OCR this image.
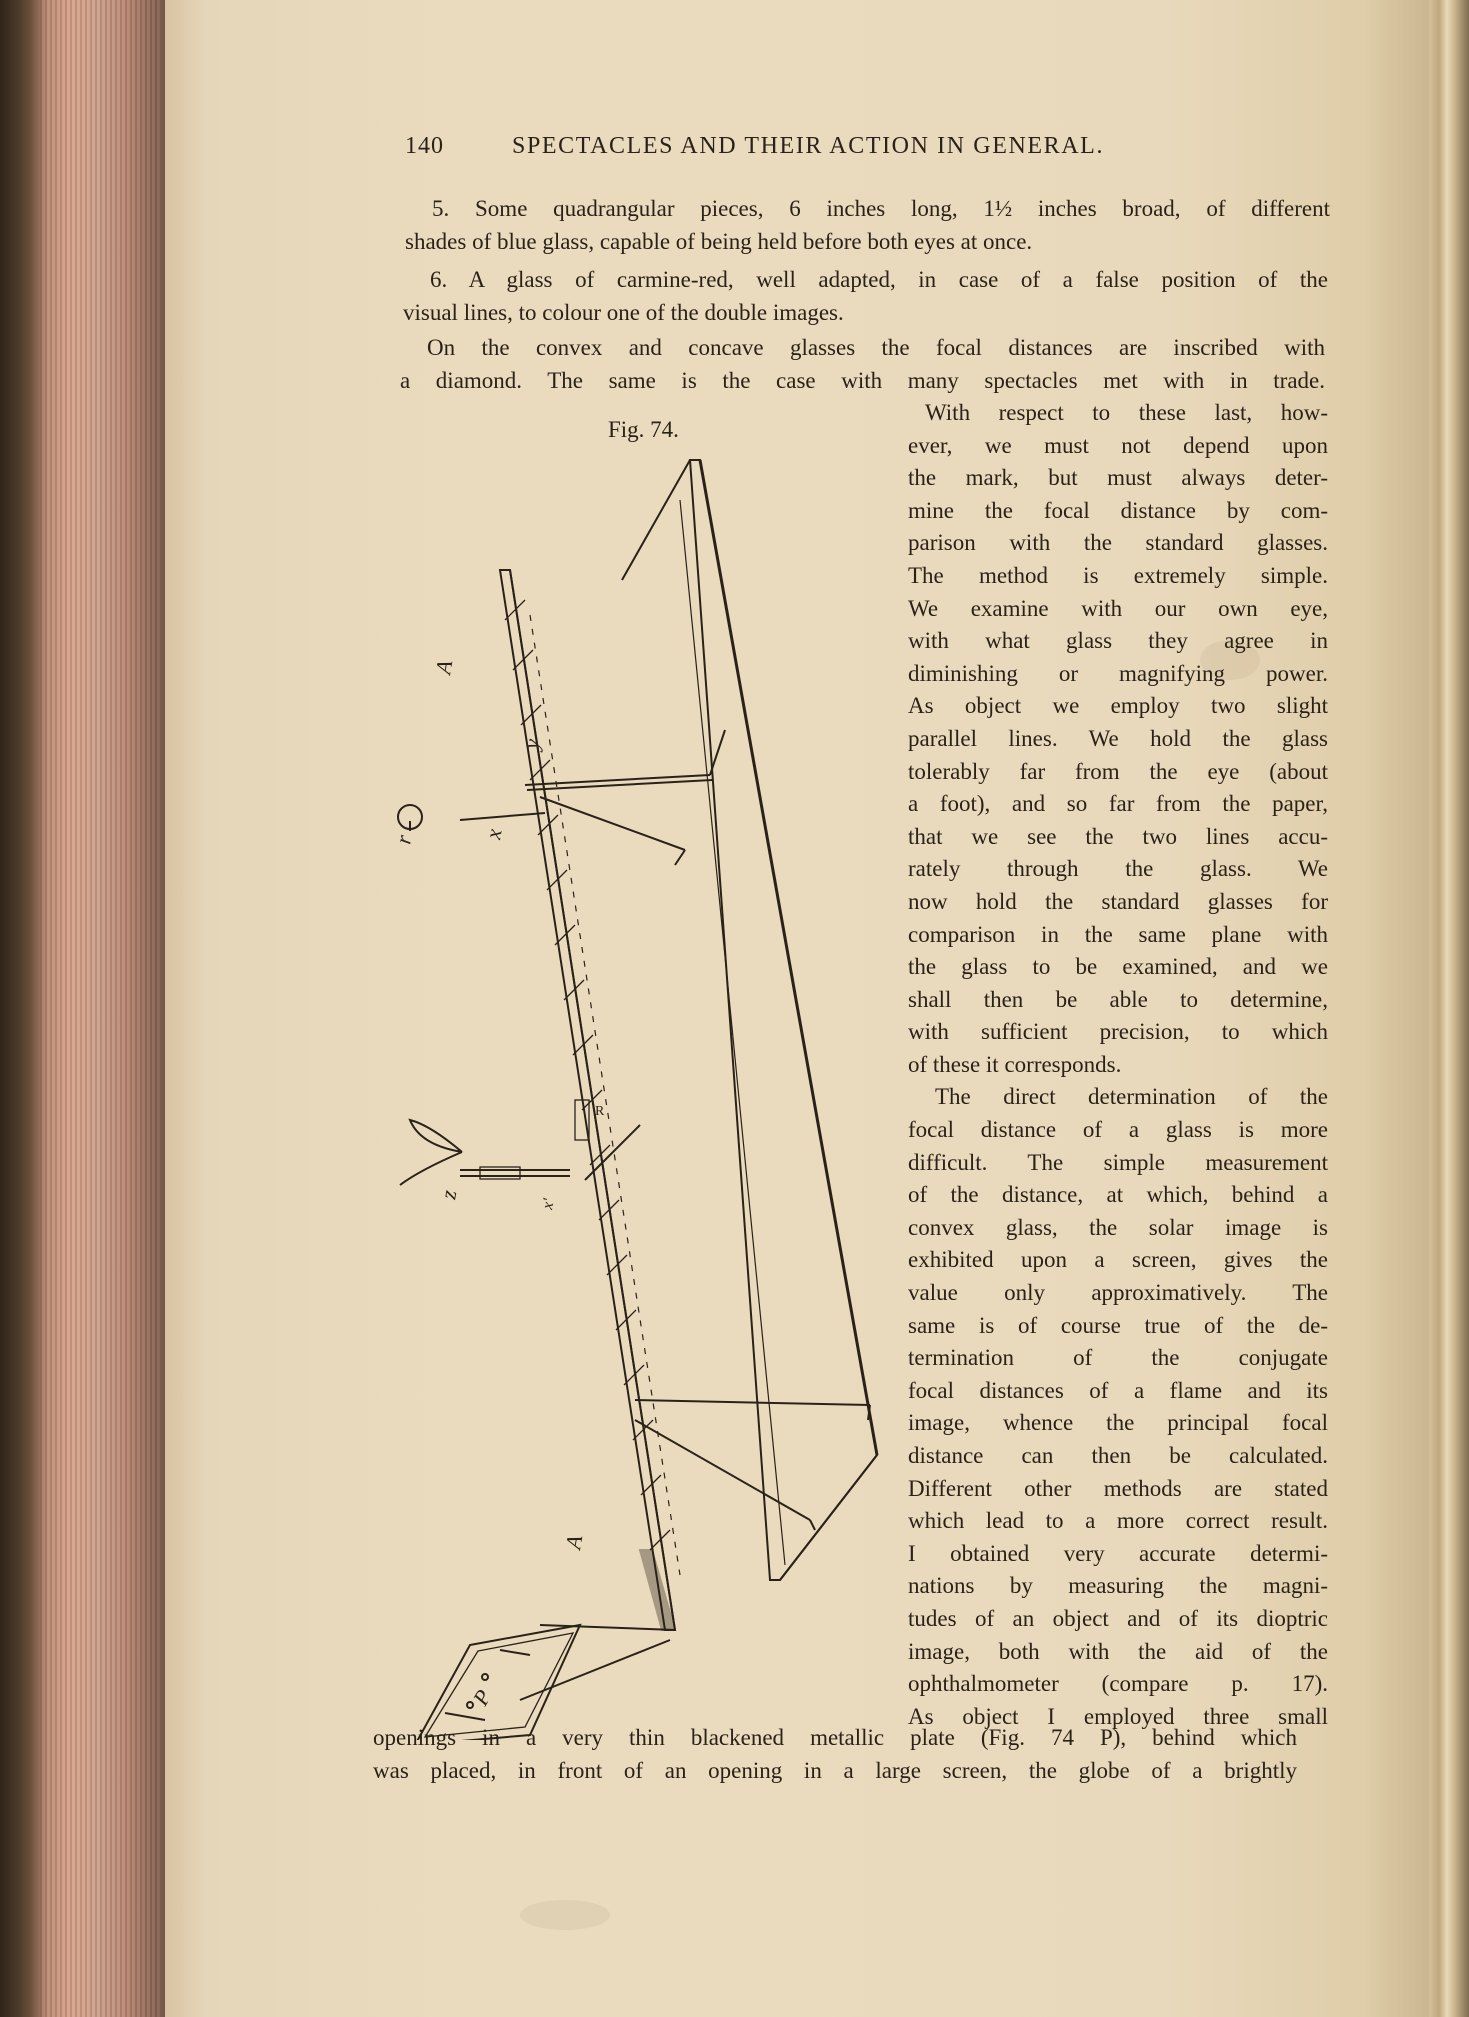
140	SPECTACLES AND THEIR ACTION IN GENERAL.
5. Some quadrangular pieces, 6 inches long, 1½ inches broad, of different
shades of blue glass, capable of being held before both eyes at once.
6. A glass of carmine-red, well adapted, in case of a false position of the
visual lines, to colour one of the double images.
On the convex and concave glasses the focal distances are inscribed with
a diamond. The same is the case with many spectacles met with in trade.
Fig. 74.
A
y
r	x
R
z
x'
A
P
With respect to these last, how-
ever, we must not depend upon
the mark, but must always deter-
mine the focal distance by com-
parison with the standard glasses.
The method is extremely simple.
We examine with our own eye,
with what glass they agree in
diminishing or magnifying power.
As object we employ two slight
parallel lines. We hold the glass
tolerably far from the eye (about
a foot), and so far from the paper,
that we see the two lines accu-
rately through the glass. We
now hold the standard glasses for
comparison in the same plane with
the glass to be examined, and we
shall then be able to determine,
with sufficient precision, to which
of these it corresponds.
The direct determination of the
focal distance of a glass is more
difficult. The simple measurement
of the distance, at which, behind a
convex glass, the solar image is
exhibited upon a screen, gives the
value only approximatively. The
same is of course true of the de-
termination of the conjugate
focal distances of a flame and its
image, whence the principal focal
distance can then be calculated.
Different other methods are stated
which lead to a more correct result.
I obtained very accurate determi-
nations by measuring the magni-
tudes of an object and of its dioptric
image, both with the aid of the
ophthalmometer (compare p. 17).
As object I employed three small
openings in a very thin blackened metallic plate (Fig. 74 P), behind which
was placed, in front of an opening in a large screen, the globe of a brightly
